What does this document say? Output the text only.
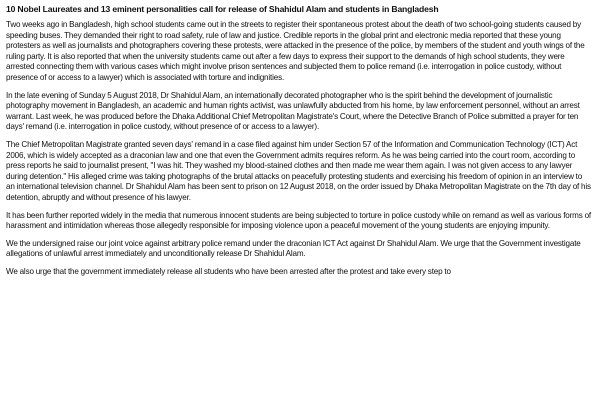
10 Nobel Laureates and 13 eminent personalities call for release of Shahidul Alam and students in Bangladesh

Two weeks ago in Bangladesh, high school students came out in the streets to register their spontaneous protest about the death of two school-going students caused by speeding buses. They demanded their right to road safety, rule of law and justice. Credible reports in the global print and electronic media reported that these young protesters as well as journalists and photographers covering these protests, were attacked in the presence of the police, by members of the student and youth wings of the ruling party. It is also reported that when the university students came out after a few days to express their support to the demands of high school students, they were arrested connecting them with various cases which might involve prison sentences and subjected them to police remand (i.e. interrogation in police custody, without presence of or access to a lawyer) which is associated with torture and indignities.

In the late evening of Sunday 5 August 2018, Dr Shahidul Alam, an internationally decorated photographer who is the spirit behind the development of journalistic photography movement in Bangladesh, an academic and human rights activist, was unlawfully abducted from his home, by law enforcement personnel, without an arrest warrant. Last week, he was produced before the Dhaka Additional Chief Metropolitan Magistrate's Court, where the Detective Branch of Police submitted a prayer for ten days' remand (i.e. interrogation in police custody, without presence of or access to a lawyer).

The Chief Metropolitan Magistrate granted seven days' remand in a case filed against him under Section 57 of the Information and Communication Technology (ICT) Act 2006, which is widely accepted as a draconian law and one that even the Government admits requires reform. As he was being carried into the court room, according to press reports he said to journalist present, "I was hit. They washed my blood-stained clothes and then made me wear them again. I was not given access to any lawyer during detention." His alleged crime was taking photographs of the brutal attacks on peacefully protesting students and exercising his freedom of opinion in an interview to an international television channel. Dr Shahidul Alam has been sent to prison on 12 August 2018, on the order issued by Dhaka Metropolitan Magistrate on the 7th day of his detention, abruptly and without presence of his lawyer.

It has been further reported widely in the media that numerous innocent students are being subjected to torture in police custody while on remand as well as various forms of harassment and intimidation whereas those allegedly responsible for imposing violence upon a peaceful movement of the young students are enjoying impunity.

We the undersigned raise our joint voice against arbitrary police remand under the draconian ICT Act against Dr Shahidul Alam. We urge that the Government investigate allegations of unlawful arrest immediately and unconditionally release Dr Shahidul Alam.

We also urge that the government immediately release all students who have been arrested after the protest and take every step to
